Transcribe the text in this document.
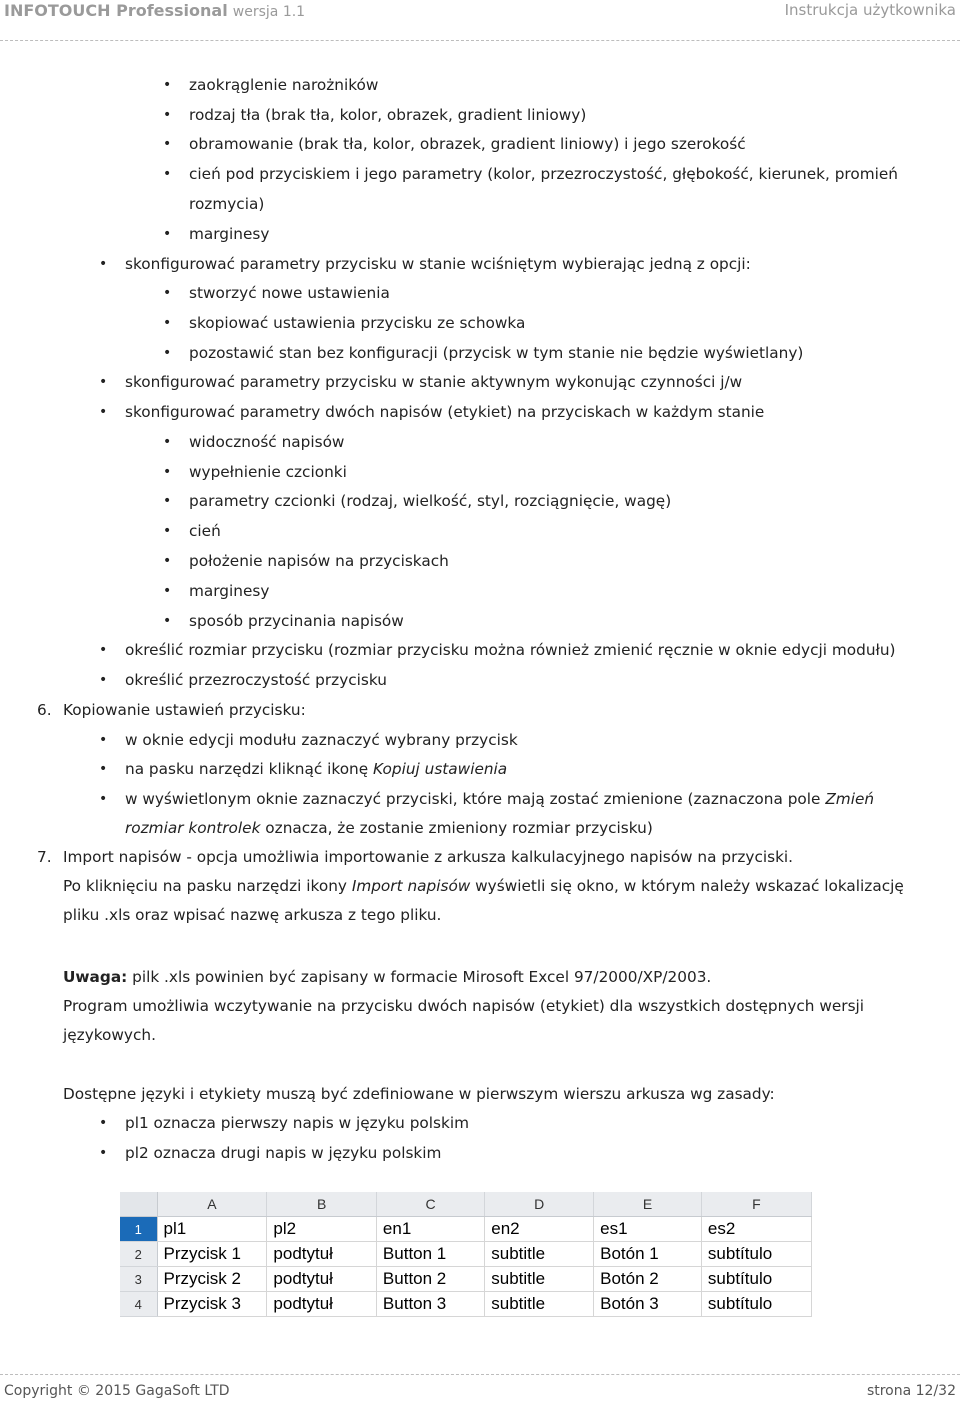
INFOTOUCH Professional wersja 1.1	Instrukcja użytkownika
• zaokrąglenie narożników
• rodzaj tła (brak tła, kolor, obrazek, gradient liniowy)
• obramowanie (brak tła, kolor, obrazek, gradient liniowy) i jego szerokość
• cień pod przyciskiem i jego parametry (kolor, przezroczystość, głębokość, kierunek, promień
rozmycia)
• marginesy
• skonfigurować parametry przycisku w stanie wciśniętym wybierając jedną z opcji:
• stworzyć nowe ustawienia
• skopiować ustawienia przycisku ze schowka
• pozostawić stan bez konfiguracji (przycisk w tym stanie nie będzie wyświetlany)
• skonfigurować parametry przycisku w stanie aktywnym wykonując czynności j/w
• skonfigurować parametry dwóch napisów (etykiet) na przyciskach w każdym stanie
• widoczność napisów
• wypełnienie czcionki
• parametry czcionki (rodzaj, wielkość, styl, rozciągnięcie, wagę)
• cień
• położenie napisów na przyciskach
• marginesy
• sposób przycinania napisów
• określić rozmiar przycisku (rozmiar przycisku można również zmienić ręcznie w oknie edycji modułu)
• określić przezroczystość przycisku
6. Kopiowanie ustawień przycisku:
• w oknie edycji modułu zaznaczyć wybrany przycisk
• na pasku narzędzi kliknąć ikonę Kopiuj ustawienia
• w wyświetlonym oknie zaznaczyć przyciski, które mają zostać zmienione (zaznaczona pole Zmień
rozmiar kontrolek oznacza, że zostanie zmieniony rozmiar przycisku)
7. Import napisów - opcja umożliwia importowanie z arkusza kalkulacyjnego napisów na przyciski.
Po kliknięciu na pasku narzędzi ikony Import napisów wyświetli się okno, w którym należy wskazać lokalizację
pliku .xls oraz wpisać nazwę arkusza z tego pliku.
Uwaga: pilk .xls powinien być zapisany w formacie Mirosoft Excel 97/2000/XP/2003.
Program umożliwia wczytywanie na przycisku dwóch napisów (etykiet) dla wszystkich dostępnych wersji
językowych.
Dostępne języki i etykiety muszą być zdefiniowane w pierwszym wierszu arkusza wg zasady:
• pl1 oznacza pierwszy napis w języku polskim
• pl2 oznacza drugi napis w języku polskim
	A	B	C	D	E	F
1	pl1	pl2	en1	en2	es1	es2
2	Przycisk 1	podtytuł	Button 1	subtitle	Botón 1	subtítulo
3	Przycisk 2	podtytuł	Button 2	subtitle	Botón 2	subtítulo
4	Przycisk 3	podtytuł	Button 3	subtitle	Botón 3	subtítulo
Copyright © 2015 GagaSoft LTD	strona 12/32
